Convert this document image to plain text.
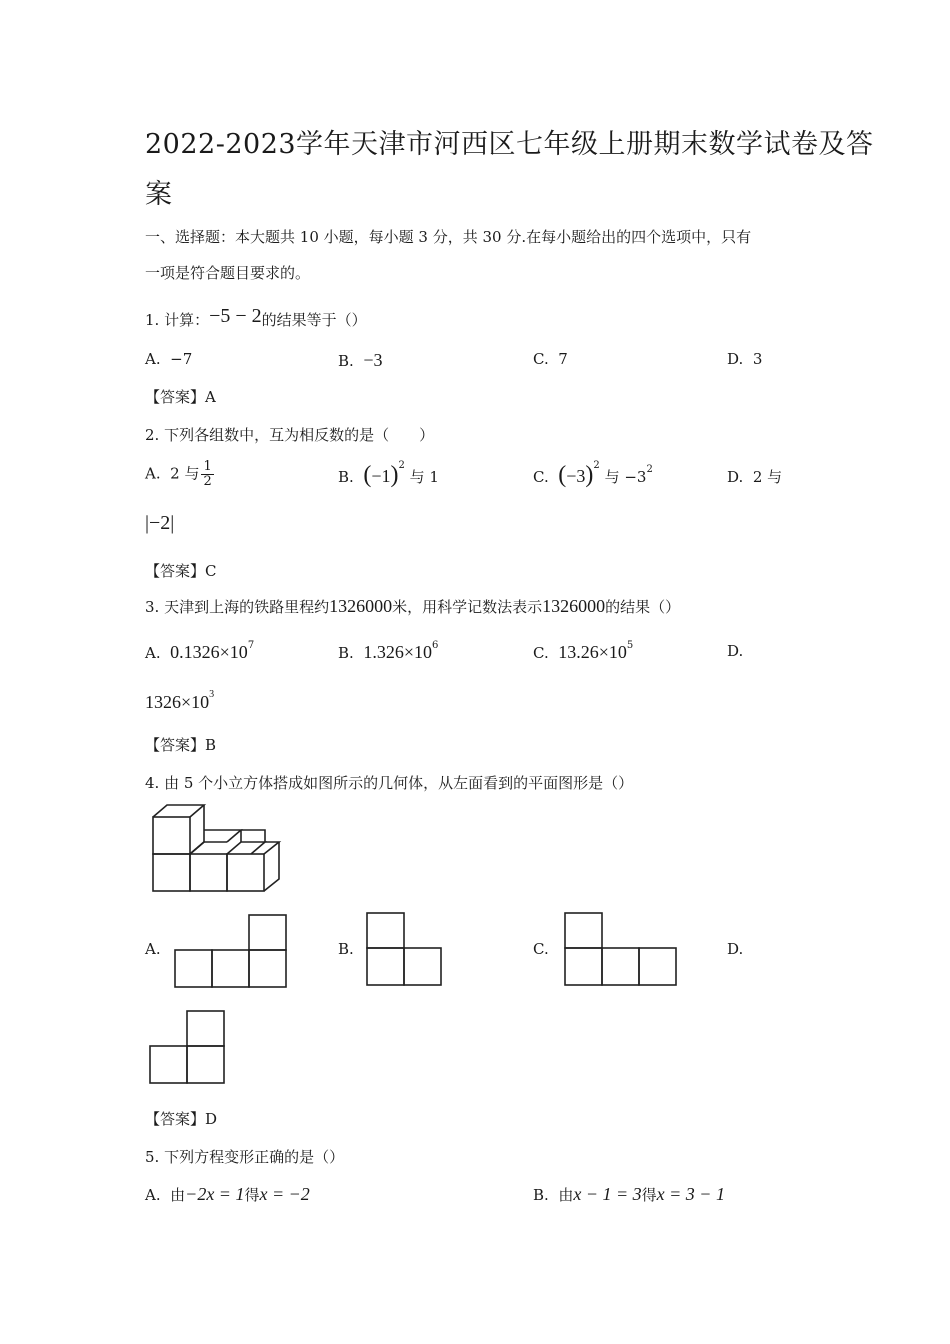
2022-2023学年天津市河西区七年级上册期末数学试卷及答
案
一、选择题：本大题共 10 小题，每小题 3 分，共 30 分.在每小题给出的四个选项中，只有
一项是符合题目要求的。
1. 计算：−5 − 2的结果等于（）
A. −7	B. −3	C. 7	D. 3
【答案】A
2. 下列各组数中，互为相反数的是（　　）
A. 2 与 $\frac{1}{2}$	B. $(-1)^2$ 与 1	C. $(-3)^2$ 与 $-3^2$	D. 2 与
|−2|
【答案】C
3. 天津到上海的铁路里程约1326000米，用科学记数法表示1326000的结果（）
A. $0.1326\times 10^7$	B. $1.326\times 10^6$	C. $13.26\times 10^5$	D.
$1326\times 10^3$
【答案】B
4. 由 5 个小立方体搭成如图所示的几何体，从左面看到的平面图形是（）
A.	B.	C.	D.
【答案】D
5. 下列方程变形正确的是（）
A. 由−2x = 1得x = −2	B. 由x − 1 = 3得x = 3 − 1
